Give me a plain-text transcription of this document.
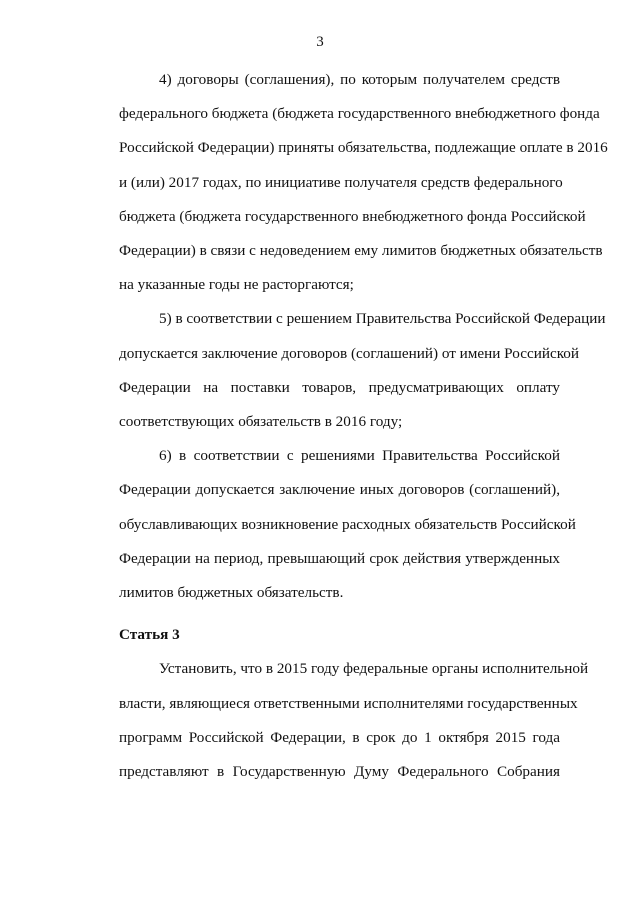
3
4) договоры (соглашения), по которым получателем средств
федерального бюджета (бюджета государственного внебюджетного фонда
Российской Федерации) приняты обязательства, подлежащие оплате в 2016
и (или) 2017 годах, по инициативе получателя средств федерального
бюджета (бюджета государственного внебюджетного фонда Российской
Федерации) в связи с недоведением ему лимитов бюджетных обязательств
на указанные годы не расторгаются;
5) в соответствии с решением Правительства Российской Федерации
допускается заключение договоров (соглашений) от имени Российской
Федерации на поставки товаров, предусматривающих оплату
соответствующих обязательств в 2016 году;
6) в соответствии с решениями Правительства Российской
Федерации допускается заключение иных договоров (соглашений),
обуславливающих возникновение расходных обязательств Российской
Федерации на период, превышающий срок действия утвержденных
лимитов бюджетных обязательств.
Статья 3
Установить, что в 2015 году федеральные органы исполнительной
власти, являющиеся ответственными исполнителями государственных
программ Российской Федерации, в срок до 1 октября 2015 года
представляют в Государственную Думу Федерального Собрания
